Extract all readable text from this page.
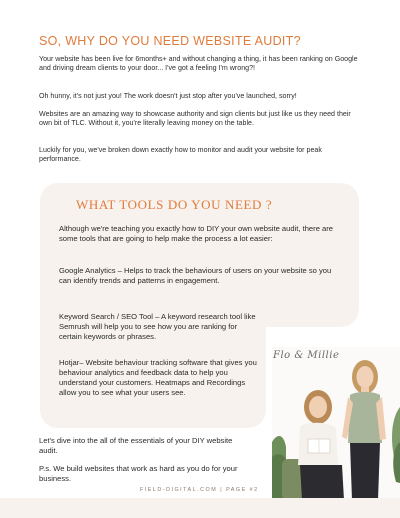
SO, WHY DO YOU NEED WEBSITE AUDIT?

Your website has been live for 6months+ and without changing a thing, it has been ranking on Google and driving dream clients to your door... I've got a feeling I'm wrong?!

Oh hunny, it's not just you! The work doesn't just stop after you've launched, sorry!

Websites are an amazing way to showcase authority and sign clients but just like us they need their own bit of TLC. Without it, you're literally leaving money on the table.

Luckily for you, we've broken down exactly how to monitor and audit your website for peak performance.

WHAT TOOLS DO YOU NEED ?

Although we're teaching you exactly how to DIY your own website audit, there are some tools that are going to help make the process a lot easier:

Google Analytics – Helps to track the behaviours of users on your website so you can identify trends and patterns in engagement.

Keyword Search / SEO Tool – A keyword research tool like Semrush will help you to see how you are ranking for certain keywords or phrases.

Hotjar– Website behaviour tracking software that gives you behaviour analytics and feedback data to help you understand your customers. Heatmaps and Recordings allow you to see what your users see.

Let's dive into the all of the essentials of your DIY website audit.

P.s. We build websites that work as hard as you do for your business.

Flo & Millie
FIELD-DIGITAL.COM | PAGE #2
